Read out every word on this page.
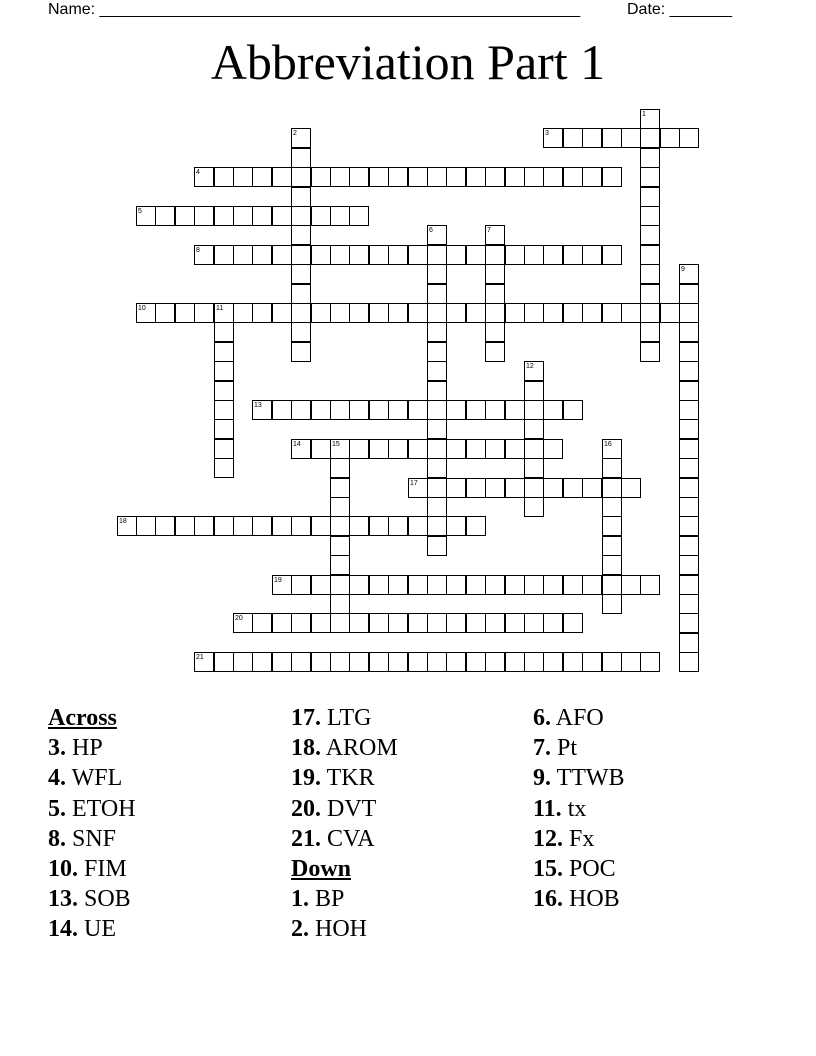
Name: ______________________________________________________	Date: _______
Abbreviation Part 1
1
2	3
4
5
6	7
8
9
10	11
12
13
14	15	16
17
18
19
20
21
Across
3. HP
4. WFL
5. ETOH
8. SNF
10. FIM
13. SOB
14. UE
17. LTG
18. AROM
19. TKR
20. DVT
21. CVA
Down
1. BP
2. HOH
6. AFO
7. Pt
9. TTWB
11. tx
12. Fx
15. POC
16. HOB
